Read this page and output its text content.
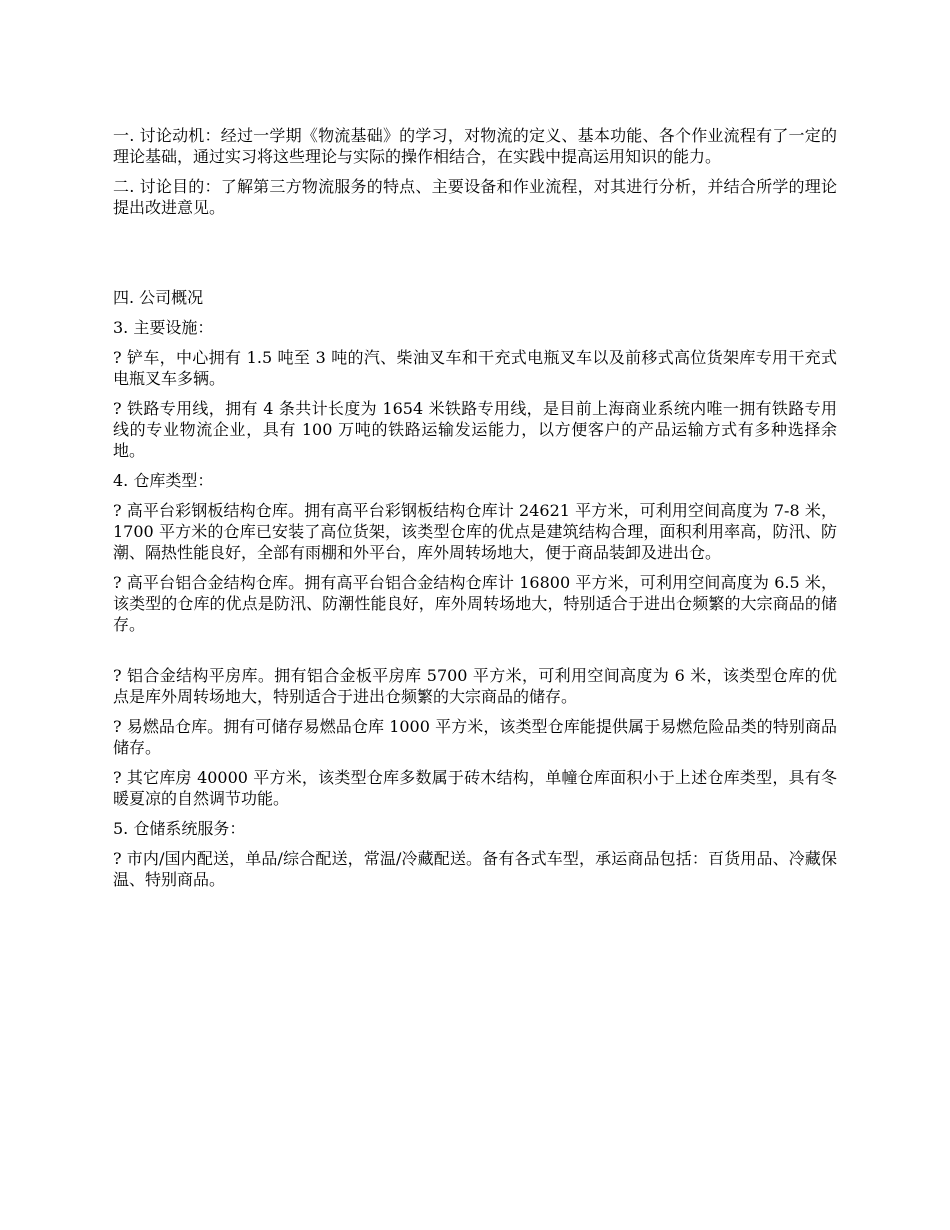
一. 讨论动机：经过一学期《物流基础》的学习，对物流的定义、基本功能、各个作业流程有了一定的理论基础，通过实习将这些理论与实际的操作相结合，在实践中提高运用知识的能力。

二. 讨论目的：了解第三方物流服务的特点、主要设备和作业流程，对其进行分析，并结合所学的理论提出改进意见。

四. 公司概况

3. 主要设施：

? 铲车，中心拥有 1.5 吨至 3 吨的汽、柴油叉车和干充式电瓶叉车以及前移式高位货架库专用干充式电瓶叉车多辆。

? 铁路专用线，拥有 4 条共计长度为 1654 米铁路专用线，是目前上海商业系统内唯一拥有铁路专用线的专业物流企业，具有 100 万吨的铁路运输发运能力，以方便客户的产品运输方式有多种选择余地。

4. 仓库类型：

? 高平台彩钢板结构仓库。拥有高平台彩钢板结构仓库计 24621 平方米，可利用空间高度为 7-8 米， 1700 平方米的仓库已安装了高位货架，该类型仓库的优点是建筑结构合理，面积利用率高，防汛、防潮、隔热性能良好，全部有雨棚和外平台，库外周转场地大，便于商品装卸及进出仓。

? 高平台铝合金结构仓库。拥有高平台铝合金结构仓库计 16800 平方米，可利用空间高度为 6.5 米，该类型的仓库的优点是防汛、防潮性能良好，库外周转场地大，特别适合于进出仓频繁的大宗商品的储存。

? 铝合金结构平房库。拥有铝合金板平房库 5700 平方米，可利用空间高度为 6 米，该类型仓库的优点是库外周转场地大，特别适合于进出仓频繁的大宗商品的储存。

? 易燃品仓库。拥有可储存易燃品仓库 1000 平方米，该类型仓库能提供属于易燃危险品类的特别商品储存。

? 其它库房 40000 平方米，该类型仓库多数属于砖木结构，单幢仓库面积小于上述仓库类型，具有冬暖夏凉的自然调节功能。

5. 仓储系统服务：

? 市内/国内配送，单品/综合配送，常温/冷藏配送。备有各式车型，承运商品包括：百货用品、冷藏保温、特别商品。
